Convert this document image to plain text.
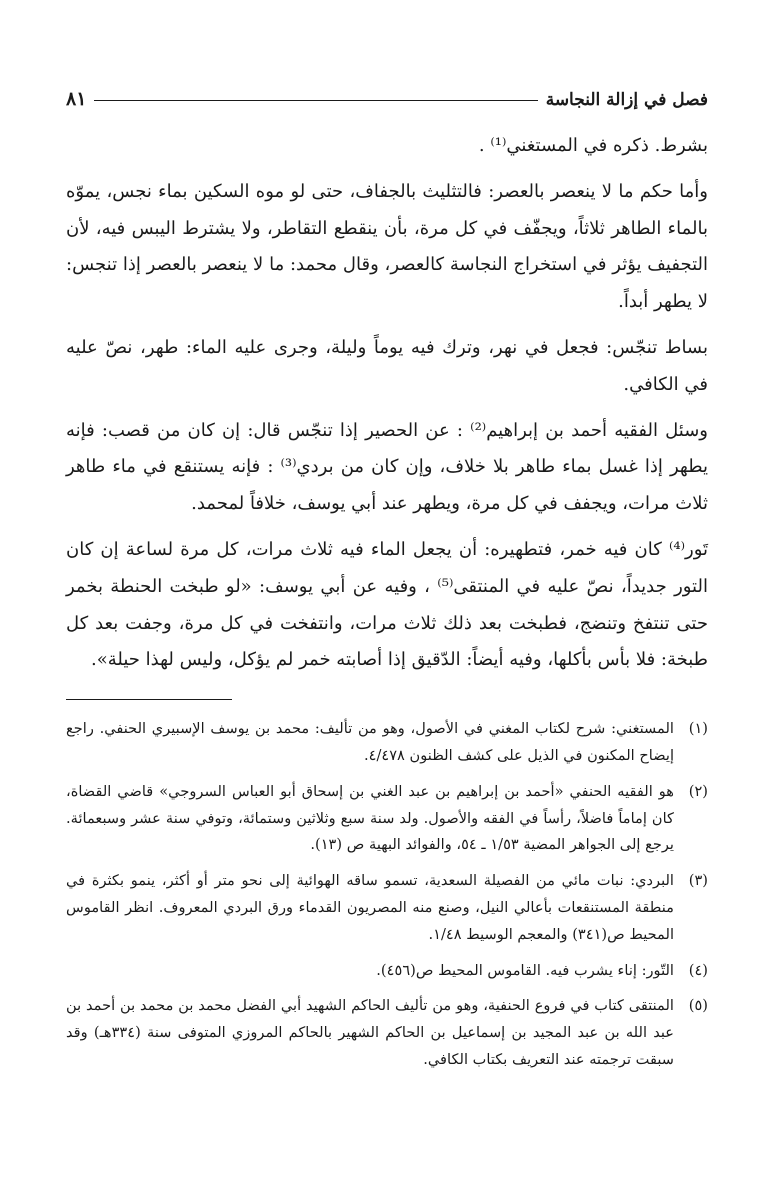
فصل في إزالة النجاسة
٨١

بشرط. ذكره في المستغني⁽¹⁾ .

وأما حكم ما لا ينعصر بالعصر: فالتثليث بالجفاف، حتى لو موه السكين بماء نجس، يموّه بالماء الطاهر ثلاثاً، ويجفّف في كل مرة، بأن ينقطع التقاطر، ولا يشترط اليبس فيه، لأن التجفيف يؤثر في استخراج النجاسة كالعصر، وقال محمد: ما لا ينعصر بالعصر إذا تنجس: لا يطهر أبداً.

بساط تنجّس: فجعل في نهر، وترك فيه يوماً وليلة، وجرى عليه الماء: طهر، نصّ عليه في الكافي.

وسئل الفقيه أحمد بن إبراهيم⁽²⁾ : عن الحصير إذا تنجّس قال: إن كان من قصب: فإنه يطهر إذا غسل بماء طاهر بلا خلاف، وإن كان من بردي⁽³⁾ : فإنه يستنقع في ماء طاهر ثلاث مرات، ويجفف في كل مرة، ويطهر عند أبي يوسف، خلافاً لمحمد.

تَور⁽⁴⁾ كان فيه خمر، فتطهيره: أن يجعل الماء فيه ثلاث مرات، كل مرة لساعة إن كان التور جديداً، نصّ عليه في المنتقى⁽⁵⁾ ، وفيه عن أبي يوسف: «لو طبخت الحنطة بخمر حتى تنتفخ وتنضج، فطبخت بعد ذلك ثلاث مرات، وانتفخت في كل مرة، وجفت بعد كل طبخة: فلا بأس بأكلها، وفيه أيضاً: الدّقيق إذا أصابته خمر لم يؤكل، وليس لهذا حيلة».

(١)
المستغني: شرح لكتاب المغني في الأصول، وهو من تأليف: محمد بن يوسف الإسبيري الحنفي. راجع إيضاح المكنون في الذيل على كشف الظنون ٤/٤٧٨.
(٢)
هو الفقيه الحنفي «أحمد بن إبراهيم بن عبد الغني بن إسحاق أبو العباس السروجي» قاضي القضاة، كان إماماً فاضلاً، رأساً في الفقه والأصول. ولد سنة سبع وثلاثين وستمائة، وتوفي سنة عشر وسبعمائة. يرجع إلى الجواهر المضية ١/٥٣ ـ ٥٤، والفوائد البهية ص (١٣).
(٣)
البردي: نبات مائي من الفصيلة السعدية، تسمو ساقه الهوائية إلى نحو متر أو أكثر، ينمو بكثرة في منطقة المستنقعات بأعالي النيل، وصنع منه المصريون القدماء ورق البردي المعروف. انظر القاموس المحيط ص(٣٤١) والمعجم الوسيط ١/٤٨.
(٤)
التّور: إناء يشرب فيه. القاموس المحيط ص(٤٥٦).
(٥)
المنتقى كتاب في فروع الحنفية، وهو من تأليف الحاكم الشهيد أبي الفضل محمد بن محمد بن أحمد بن عبد الله بن عبد المجيد بن إسماعيل بن الحاكم الشهير بالحاكم المروزي المتوفى سنة (٣٣٤هـ) وقد سبقت ترجمته عند التعريف بكتاب الكافي.
